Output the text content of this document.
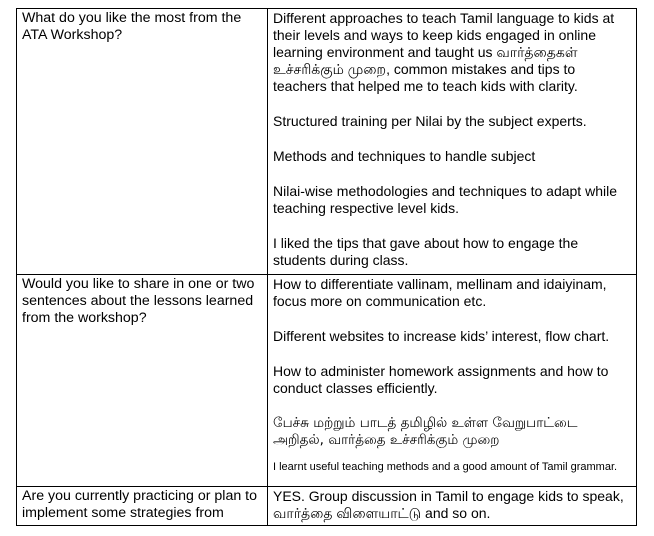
What do you like the most from the ATA Workshop?	Different approaches to teach Tamil language to kids at their levels and ways to keep kids engaged in online learning environment and taught us வார்த்தைகள் உச்சரிக்கும் முறை, common mistakes and tips to teachers that helped me to teach kids with clarity.

Structured training per Nilai by the subject experts.

Methods and techniques to handle subject

Nilai-wise methodologies and techniques to adapt while teaching respective level kids.

I liked the tips that gave about how to engage the students during class.

Would you like to share in one or two sentences about the lessons learned from the workshop?	How to differentiate vallinam, mellinam and idaiyinam, focus more on communication etc.

Different websites to increase kids’ interest, flow chart.

How to administer homework assignments and how to conduct classes efficiently.

பேச்சு மற்றும் பாடத் தமிழில் உள்ள வேறுபாட்டை அறிதல், வார்த்தை உச்சரிக்கும் முறை

I learnt useful teaching methods and a good amount of Tamil grammar.

Are you currently practicing or plan to implement some strategies from	YES. Group discussion in Tamil to engage kids to speak, வார்த்தை விளையாட்டு and so on.
